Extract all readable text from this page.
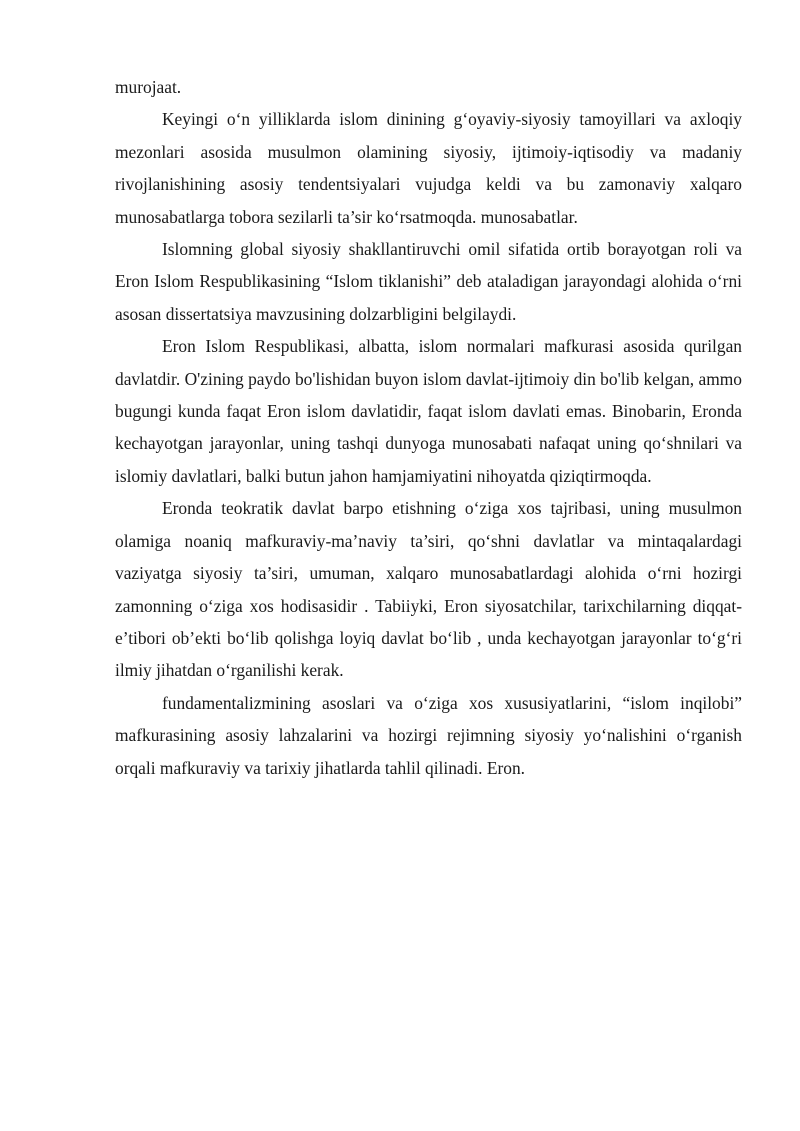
murojaat.

Keyingi o‘n yilliklarda islom dinining g‘oyaviy-siyosiy tamoyillari va axloqiy mezonlari asosida musulmon olamining siyosiy, ijtimoiy-iqtisodiy va madaniy rivojlanishining asosiy tendentsiyalari vujudga keldi va bu zamonaviy xalqaro munosabatlarga tobora sezilarli ta’sir ko‘rsatmoqda. munosabatlar.

Islomning global siyosiy shakllantiruvchi omil sifatida ortib borayotgan roli va Eron Islom Respublikasining “Islom tiklanishi” deb ataladigan jarayondagi alohida o‘rni asosan dissertatsiya mavzusining dolzarbligini belgilaydi.

Eron Islom Respublikasi, albatta, islom normalari mafkurasi asosida qurilgan davlatdir. O'zining paydo bo'lishidan buyon islom davlat-ijtimoiy din bo'lib kelgan, ammo bugungi kunda faqat Eron islom davlatidir, faqat islom davlati emas. Binobarin, Eronda kechayotgan jarayonlar, uning tashqi dunyoga munosabati nafaqat uning qo‘shnilari va islomiy davlatlari, balki butun jahon hamjamiyatini nihoyatda qiziqtirmoqda.

Eronda teokratik davlat barpo etishning o‘ziga xos tajribasi, uning musulmon olamiga noaniq mafkuraviy-ma’naviy ta’siri, qo‘shni davlatlar va mintaqalardagi vaziyatga siyosiy ta’siri, umuman, xalqaro munosabatlardagi alohida o‘rni hozirgi zamonning o‘ziga xos hodisasidir . Tabiiyki, Eron siyosatchilar, tarixchilarning diqqat-e’tibori ob’ekti bo‘lib qolishga loyiq davlat bo‘lib , unda kechayotgan jarayonlar to‘g‘ri ilmiy jihatdan o‘rganilishi kerak.

fundamentalizmining asoslari va o‘ziga xos xususiyatlarini, “islom inqilobi” mafkurasining asosiy lahzalarini va hozirgi rejimning siyosiy yo‘nalishini o‘rganish orqali mafkuraviy va tarixiy jihatlarda tahlil qilinadi. Eron.
